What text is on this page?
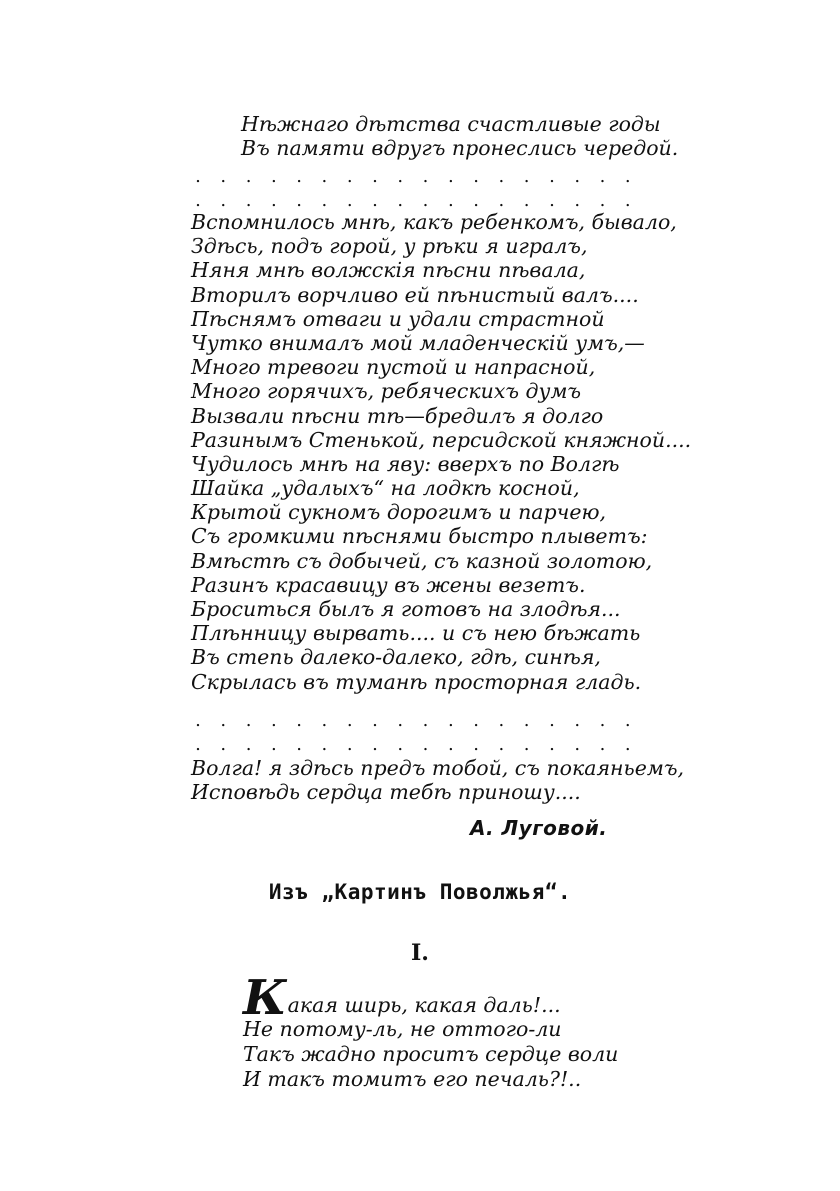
Нѣжнаго дѣтства счастливые годы
Въ памяти вдругъ пронеслись чередой.
. . . . . . . . . . . . . . . . . .
. . . . . . . . . . . . . . . . . .
Вспомнилось мнѣ, какъ ребенкомъ, бывало,
Здѣсь, подъ горой, у рѣки я игралъ,
Няня мнѣ волжскія пѣсни пѣвала,
Вторилъ ворчливо ей пѣнистый валъ....
Пѣснямъ отваги и удали страстной
Чутко внималъ мой младенческій умъ,—
Много тревоги пустой и напрасной,
Много горячихъ, ребяческихъ думъ
Вызвали пѣсни тѣ—бредилъ я долго
Разинымъ Стенькой, персидской княжной....
Чудилось мнѣ на яву: вверхъ по Волгѣ
Шайка „удалыхъ“ на лодкѣ косной,
Крытой сукномъ дорогимъ и парчею,
Съ громкими пѣснями быстро плыветъ:
Вмѣстѣ съ добычей, съ казной золотою,
Разинъ красавицу въ жены везетъ.
Броситься былъ я готовъ на злодѣя...
Плѣнницу вырвать.... и съ нею бѣжать
Въ степь далеко-далеко, гдѣ, синѣя,
Скрылась въ туманѣ просторная гладь.
. . . . . . . . . . . . . . . . . .
. . . . . . . . . . . . . . . . . .
Волга! я здѣсь предъ тобой, съ покаяньемъ,
Исповѣдь сердца тебѣ приношу....
А. Луговой.
Изъ „Картинъ Поволжья“.
I.
Какая ширь, какая даль!...
Не потому-ль, не оттого-ли
Такъ жадно проситъ сердце воли
И такъ томитъ его печаль?!..
